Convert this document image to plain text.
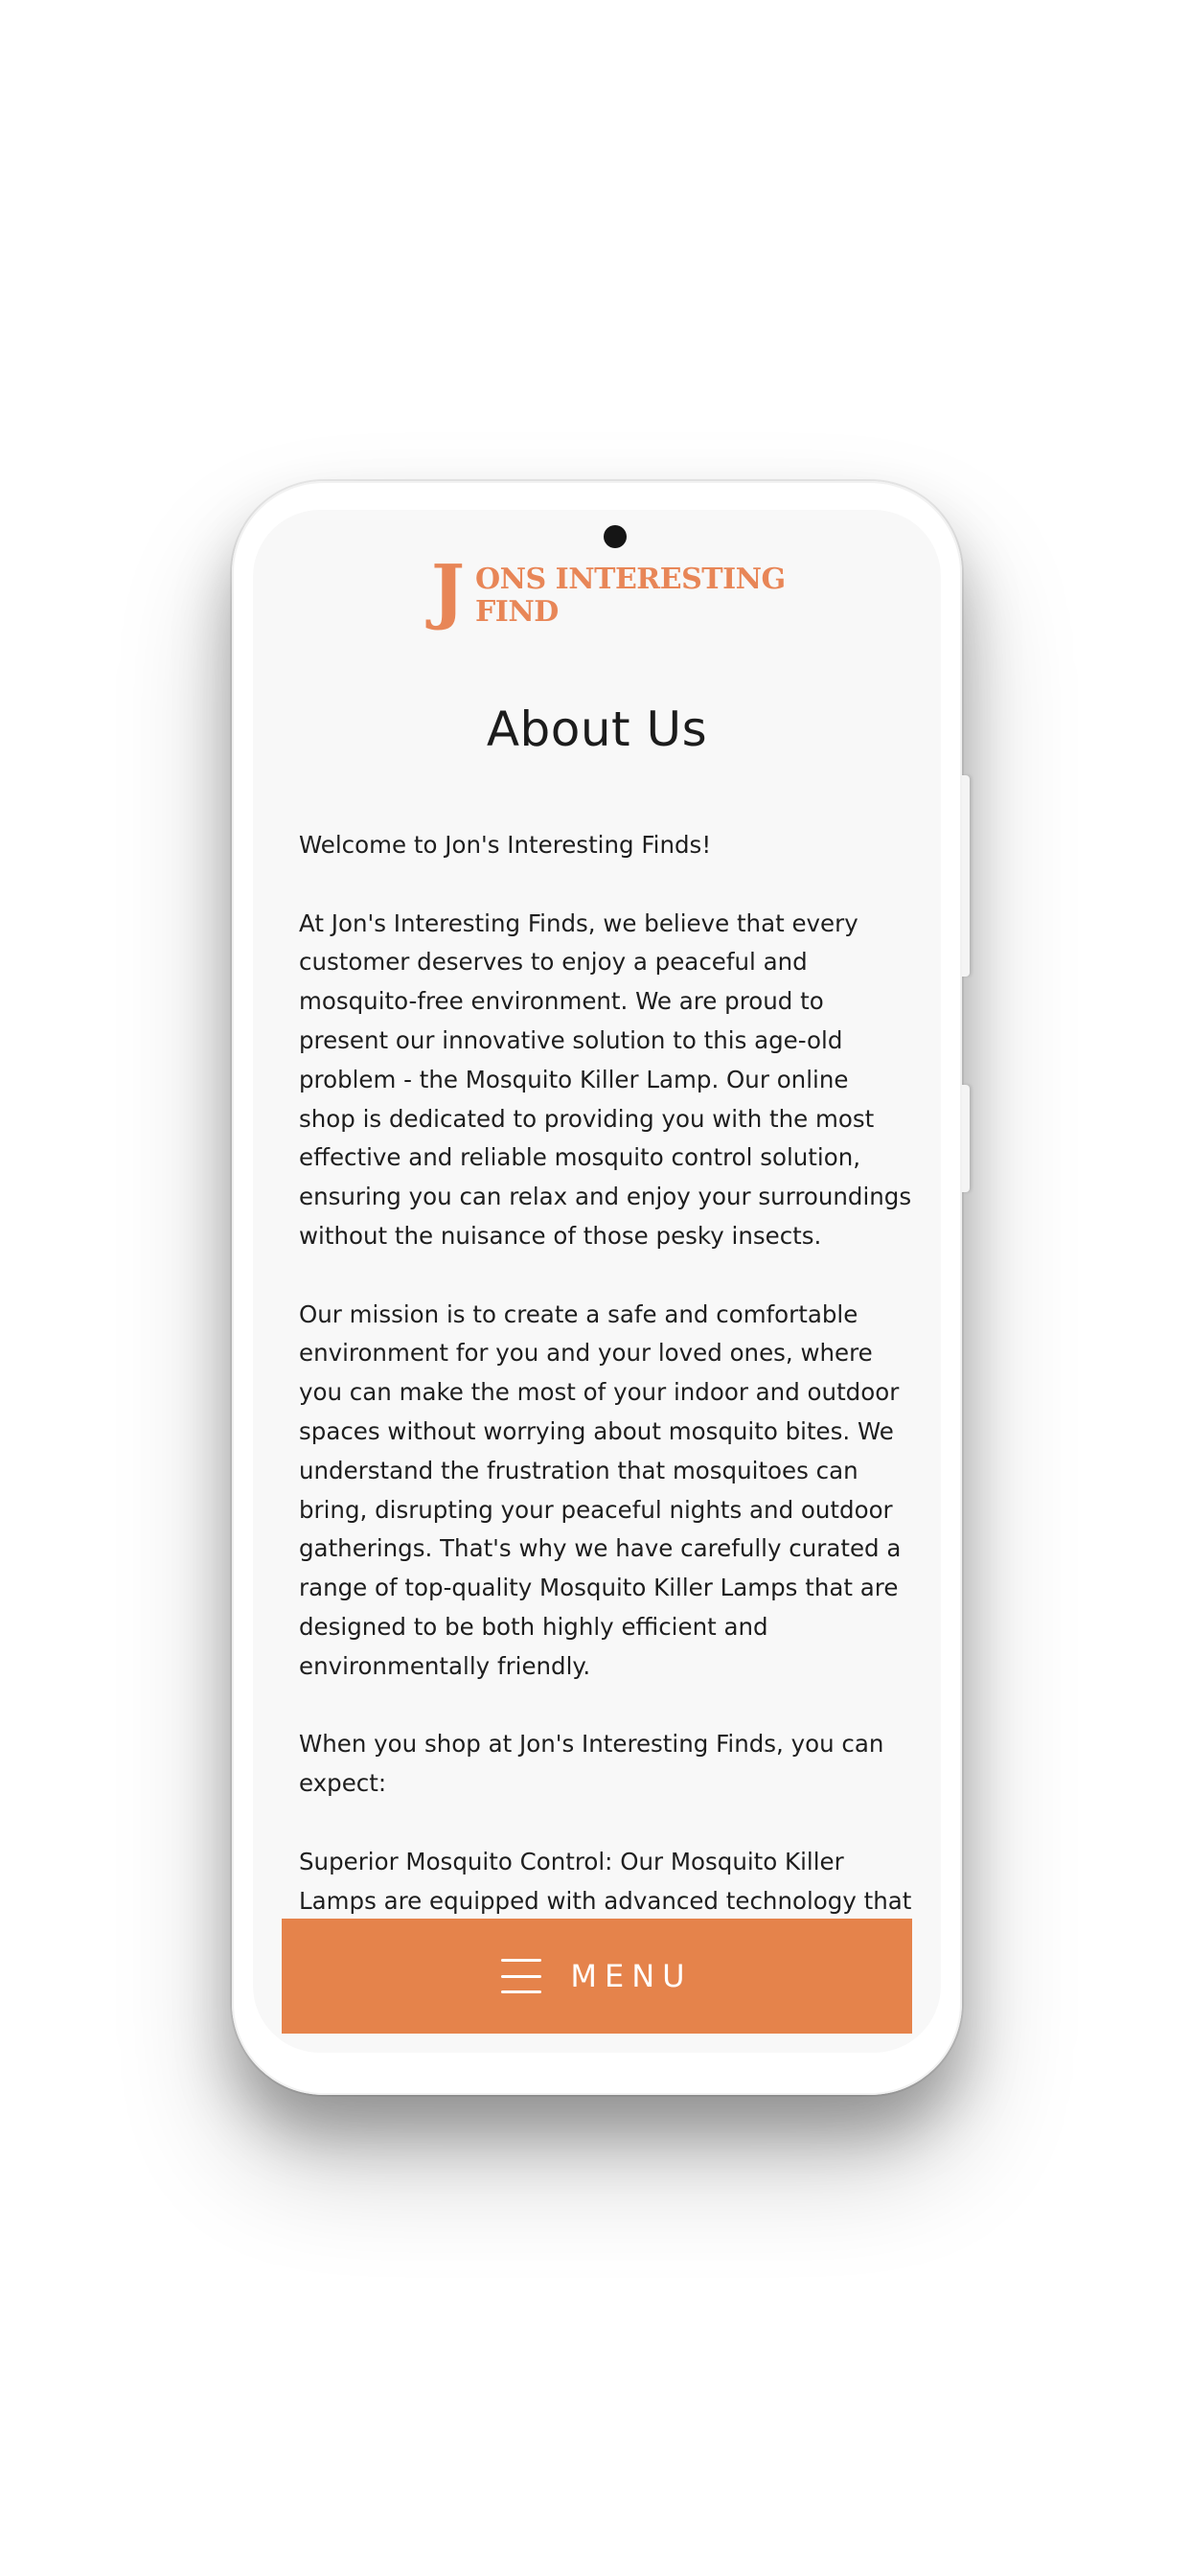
J ONS INTERESTING
FIND
About Us

Welcome to Jon's Interesting Finds!

At Jon's Interesting Finds, we believe that every customer deserves to enjoy a peaceful and mosquito-free environment. We are proud to present our innovative solution to this age-old problem - the Mosquito Killer Lamp. Our online shop is dedicated to providing you with the most effective and reliable mosquito control solution, ensuring you can relax and enjoy your surroundings without the nuisance of those pesky insects.

Our mission is to create a safe and comfortable environment for you and your loved ones, where you can make the most of your indoor and outdoor spaces without worrying about mosquito bites. We understand the frustration that mosquitoes can bring, disrupting your peaceful nights and outdoor gatherings. That's why we have carefully curated a range of top-quality Mosquito Killer Lamps that are designed to be both highly efficient and environmentally friendly.

When you shop at Jon's Interesting Finds, you can expect:

Superior Mosquito Control: Our Mosquito Killer Lamps are equipped with advanced technology that

MENU
